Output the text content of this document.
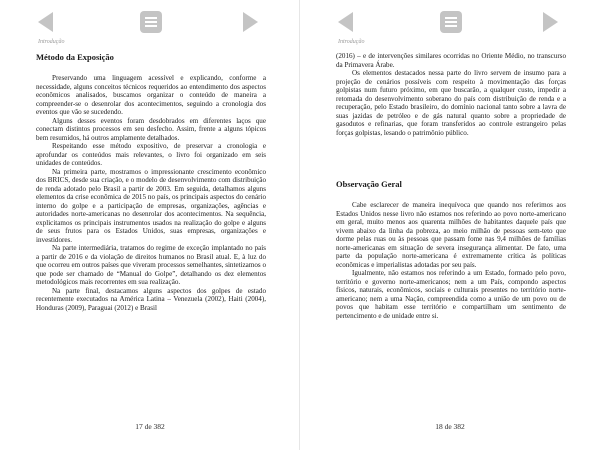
Introdução
Método da Exposição

Preservando uma linguagem acessível e explicando, conforme a necessidade, alguns conceitos técnicos requeridos ao entendimento dos aspectos econômicos analisados, buscamos organizar o conteúdo de maneira a compreender-se o desenrolar dos acontecimentos, seguindo a cronologia dos eventos que vão se sucedendo.

Alguns desses eventos foram desdobrados em diferentes laços que conectam distintos processos em seu desfecho. Assim, frente a alguns tópicos bem resumidos, há outros amplamente detalhados.

Respeitando esse método expositivo, de preservar a cronologia e aprofundar os conteúdos mais relevantes, o livro foi organizado em seis unidades de conteúdos.

Na primeira parte, mostramos o impressionante crescimento econômico dos BRICS, desde sua criação, e o modelo de desenvolvimento com distribuição de renda adotado pelo Brasil a partir de 2003. Em seguida, detalhamos alguns elementos da crise econômica de 2015 no país, os principais aspectos do cenário interno do golpe e a participação de empresas, organizações, agências e autoridades norte-americanas no desenrolar dos acontecimentos. Na sequência, explicitamos os principais instrumentos usados na realização do golpe e alguns de seus frutos para os Estados Unidos, suas empresas, organizações e investidores.

Na parte intermediária, tratamos do regime de exceção implantado no país a partir de 2016 e da violação de direitos humanos no Brasil atual. E, à luz do que ocorreu em outros países que viveram processos semelhantes, sintetizamos o que pode ser chamado de “Manual do Golpe”, detalhando os dez elementos metodológicos mais recorrentes em sua realização.

Na parte final, destacamos alguns aspectos dos golpes de estado recentemente executados na América Latina – Venezuela (2002), Haiti (2004), Honduras (2009), Paraguai (2012) e Brasil

17 de 382
Introdução

(2016) – e de intervenções similares ocorridas no Oriente Médio, no transcurso da Primavera Árabe.

Os elementos destacados nessa parte do livro servem de insumo para a projeção de cenários possíveis com respeito à movimentação das forças golpistas num futuro próximo, em que buscarão, a qualquer custo, impedir a retomada do desenvolvimento soberano do país com distribuição de renda e a recuperação, pelo Estado brasileiro, do domínio nacional tanto sobre a lavra de suas jazidas de petróleo e de gás natural quanto sobre a propriedade de gasodutos e refinarias, que foram transferidos ao controle estrangeiro pelas forças golpistas, lesando o patrimônio público.

Observação Geral

Cabe esclarecer de maneira inequívoca que quando nos referimos aos Estados Unidos nesse livro não estamos nos referindo ao povo norte-americano em geral, muito menos aos quarenta milhões de habitantes daquele país que vivem abaixo da linha da pobreza, ao meio milhão de pessoas sem-teto que dorme pelas ruas ou às pessoas que passam fome nas 9,4 milhões de famílias norte-americanas em situação de severa insegurança alimentar. De fato, uma parte da população norte-americana é extremamente crítica às políticas econômicas e imperialistas adotadas por seu país.

Igualmente, não estamos nos referindo a um Estado, formado pelo povo, território e governo norte-americanos; nem a um País, compondo aspectos físicos, naturais, econômicos, sociais e culturais presentes no território norte-americano; nem a uma Nação, compreendida como a união de um povo ou de povos que habitam esse território e compartilham um sentimento de pertencimento e de unidade entre si.

18 de 382
